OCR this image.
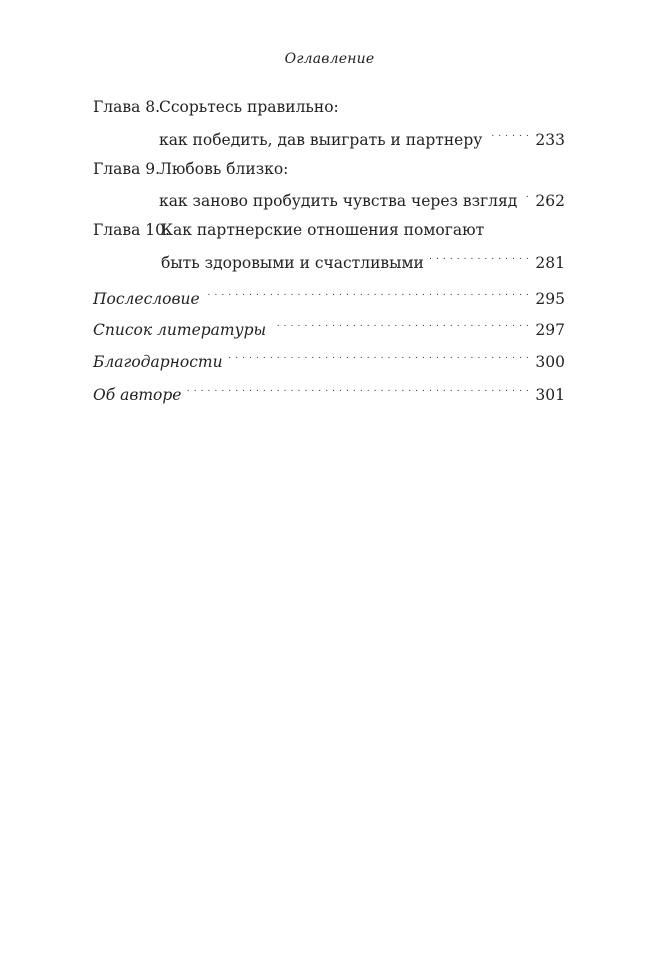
Оглавление
Глава 8.
Ссорьтесь правильно:
как победить, дав выиграть и партнеру . . .	233
Глава 9.
Любовь близко:
как заново пробудить чувства через взгляд . . . 262
Глава 10.
Как партнерские отношения помогают
быть здоровыми и счастливыми . . .	281
Послесловие . . .	295
Список литературы . . .	297
Благодарности . . .	300
Об авторе . . .	301
